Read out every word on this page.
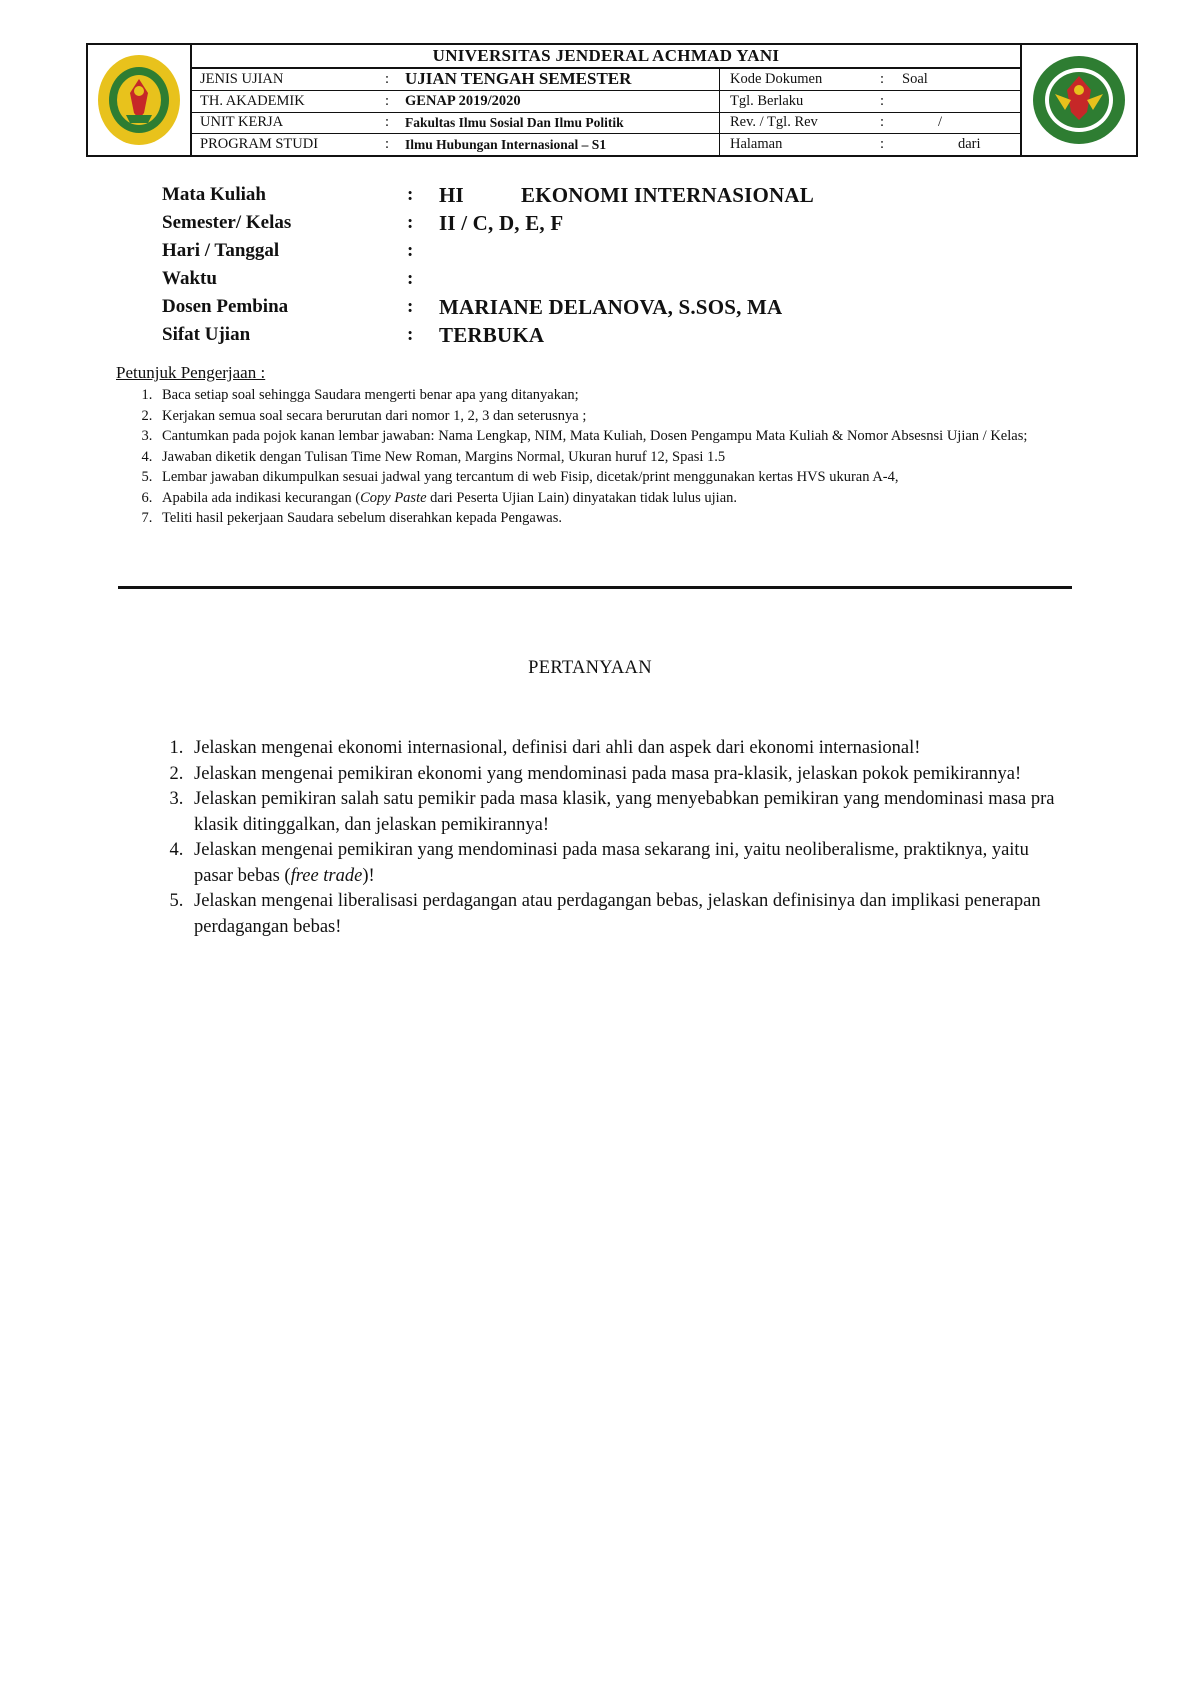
UNIVERSITAS JENDERAL ACHMAD YANI
JENIS UJIAN	: UJIAN TENGAH SEMESTER	Kode Dokumen	:	Soal
TH. AKADEMIK	:	GENAP 2019/2020	Tgl. Berlaku	:
UNIT KERJA	:	Fakultas Ilmu Sosial Dan Ilmu Politik	Rev. / Tgl. Rev	:	/
PROGRAM STUDI	:	Ilmu Hubungan Internasional – S1	Halaman	:	dari
Mata Kuliah	:	HI	EKONOMI INTERNASIONAL
Semester/ Kelas	:	II / C, D, E, F
Hari / Tanggal	:
Waktu	:
Dosen Pembina	:	MARIANE DELANOVA, S.SOS, MA
Sifat Ujian	:	TERBUKA
Petunjuk Pengerjaan :
1. Baca setiap soal sehingga Saudara mengerti benar apa yang ditanyakan;
2. Kerjakan semua soal secara berurutan dari nomor 1, 2, 3 dan seterusnya ;
3. Cantumkan pada pojok kanan lembar jawaban: Nama Lengkap, NIM, Mata Kuliah, Dosen Pengampu Mata Kuliah & Nomor Absesnsi Ujian / Kelas;
4. Jawaban diketik dengan Tulisan Time New Roman, Margins Normal, Ukuran huruf 12, Spasi 1.5
5. Lembar jawaban dikumpulkan sesuai jadwal yang tercantum di web Fisip, dicetak/print menggunakan kertas HVS ukuran A-4,
6. Apabila ada indikasi kecurangan (Copy Paste dari Peserta Ujian Lain) dinyatakan tidak lulus ujian.
7. Teliti hasil pekerjaan Saudara sebelum diserahkan kepada Pengawas.
PERTANYAAN
1. Jelaskan mengenai ekonomi internasional, definisi dari ahli dan aspek dari ekonomi internasional!
2. Jelaskan mengenai pemikiran ekonomi yang mendominasi pada masa pra-klasik, jelaskan pokok pemikirannya!
3. Jelaskan pemikiran salah satu pemikir pada masa klasik, yang menyebabkan pemikiran yang mendominasi masa pra klasik ditinggalkan, dan jelaskan pemikirannya!
4. Jelaskan mengenai pemikiran yang mendominasi pada masa sekarang ini, yaitu neoliberalisme, praktiknya, yaitu pasar bebas (free trade)!
5. Jelaskan mengenai liberalisasi perdagangan atau perdagangan bebas, jelaskan definisinya dan implikasi penerapan perdagangan bebas!
